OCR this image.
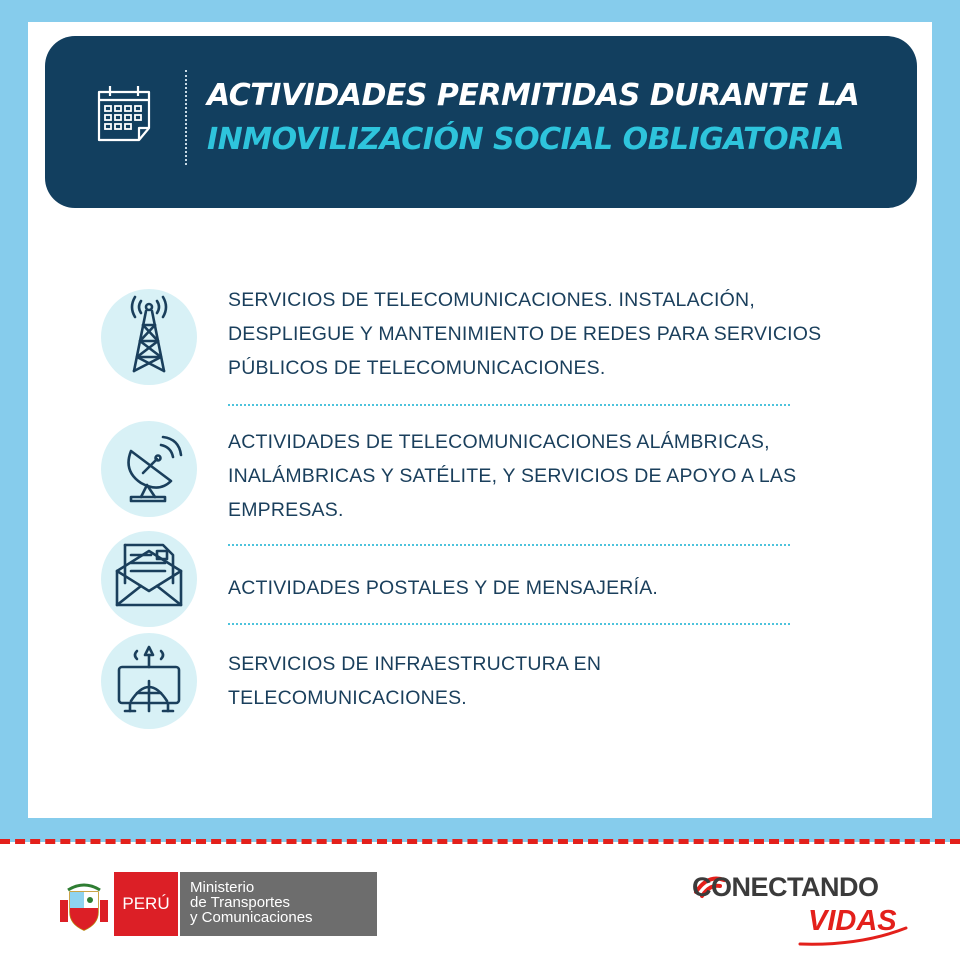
ACTIVIDADES PERMITIDAS DURANTE LA
INMOVILIZACIÓN SOCIAL OBLIGATORIA
SERVICIOS DE TELECOMUNICACIONES. INSTALACIÓN, DESPLIEGUE Y MANTENIMIENTO DE REDES PARA SERVICIOS PÚBLICOS DE TELECOMUNICACIONES.
ACTIVIDADES DE TELECOMUNICACIONES ALÁMBRICAS, INALÁMBRICAS Y SATÉLITE, Y SERVICIOS DE APOYO A LAS EMPRESAS.
ACTIVIDADES POSTALES Y DE MENSAJERÍA.
SERVICIOS DE INFRAESTRUCTURA EN TELECOMUNICACIONES.
PERÚ
Ministerio
de Transportes
y Comunicaciones
CONECTANDO
VIDAS
